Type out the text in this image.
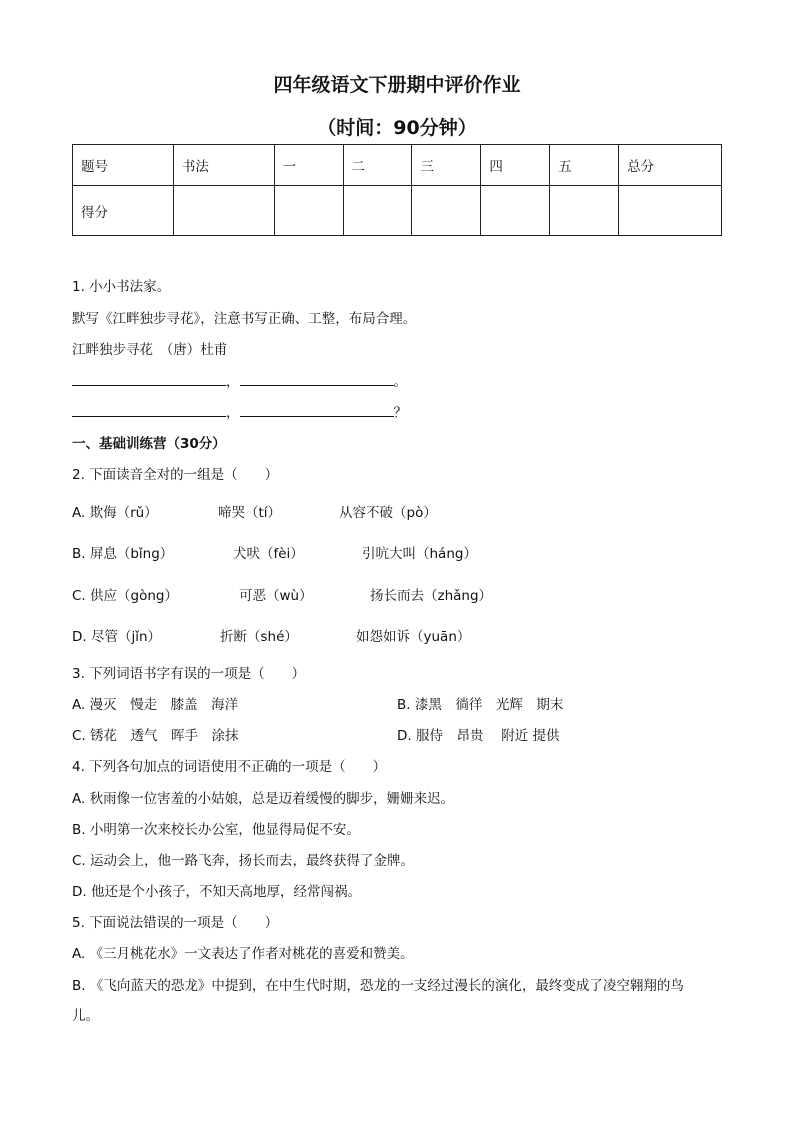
四年级语文下册期中评价作业
（时间：90分钟）
题号	书法	一	二	三	四	五	总分
得分							
1. 小小书法家。
默写《江畔独步寻花》，注意书写正确、工整，布局合理。
江畔独步寻花　（唐）杜甫
，	。
，	？
一、基础训练营（30分）
2. 下面读音全对的一组是（　　）
A. 欺侮（rǔ）	啼哭（tí）	从容不破（pò）
B. 屏息（bǐng）	犬吠（fèi）	引吭大叫（háng）
C. 供应（gòng）	可恶（wù）	扬长而去（zhǎng）
D. 尽管（jǐn）	折断（shé）	如怨如诉（yuān）
3. 下列词语书字有误的一项是（　　）
A. 漫灭　慢走　膝盖　海洋	B. 漆黑　徜徉　光辉　期末
C. 锈花　透气　晖手　涂抹	D. 服侍　昂贵　 附近 提供
4. 下列各句加点的词语使用不正确的一项是（　　）
A. 秋雨像一位害羞的小姑娘，总是迈着缓慢的脚步，姗姗来迟。
B. 小明第一次来校长办公室，他显得局促不安。
C. 运动会上，他一路飞奔，扬长而去，最终获得了金牌。
D. 他还是个小孩子，不知天高地厚，经常闯祸。
5. 下面说法错误的一项是（　　）
A. 《三月桃花水》一文表达了作者对桃花的喜爱和赞美。
B. 《飞向蓝天的恐龙》中提到，在中生代时期，恐龙的一支经过漫长的演化，最终变成了凌空翱翔的鸟
儿。
